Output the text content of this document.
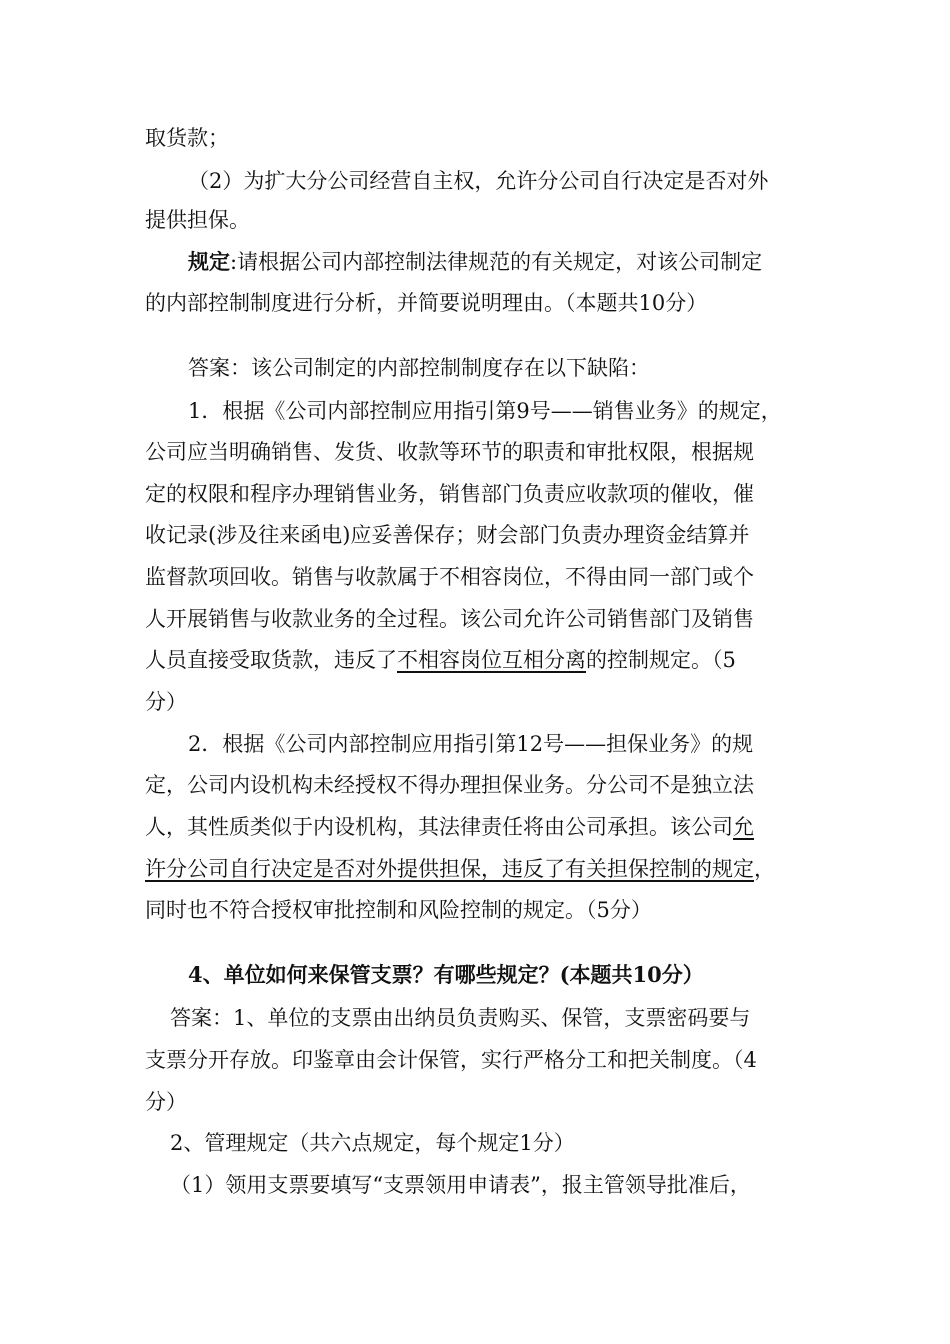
取货款；
（2）为扩大分公司经营自主权，允许分公司自行决定是否对外
提供担保。
规定:请根据公司内部控制法律规范的有关规定，对该公司制定
的内部控制制度进行分析，并简要说明理由。（本题共10分）
答案：该公司制定的内部控制制度存在以下缺陷：
1．根据《公司内部控制应用指引第9号——销售业务》的规定，
公司应当明确销售、发货、收款等环节的职责和审批权限，根据规
定的权限和程序办理销售业务，销售部门负责应收款项的催收，催
收记录(涉及往来函电)应妥善保存；财会部门负责办理资金结算并
监督款项回收。销售与收款属于不相容岗位，不得由同一部门或个
人开展销售与收款业务的全过程。该公司允许公司销售部门及销售
人员直接受取货款，违反了不相容岗位互相分离的控制规定。（5
分）
2．根据《公司内部控制应用指引第12号——担保业务》的规
定，公司内设机构未经授权不得办理担保业务。分公司不是独立法
人，其性质类似于内设机构，其法律责任将由公司承担。该公司允
许分公司自行决定是否对外提供担保，违反了有关担保控制的规定，
同时也不符合授权审批控制和风险控制的规定。（5分）
4、单位如何来保管支票？有哪些规定？(本题共10分）
答案：1、单位的支票由出纳员负责购买、保管，支票密码要与
支票分开存放。印鉴章由会计保管，实行严格分工和把关制度。（4
分）
2、管理规定（共六点规定，每个规定1分）
（1）领用支票要填写“支票领用申请表”，报主管领导批准后，
